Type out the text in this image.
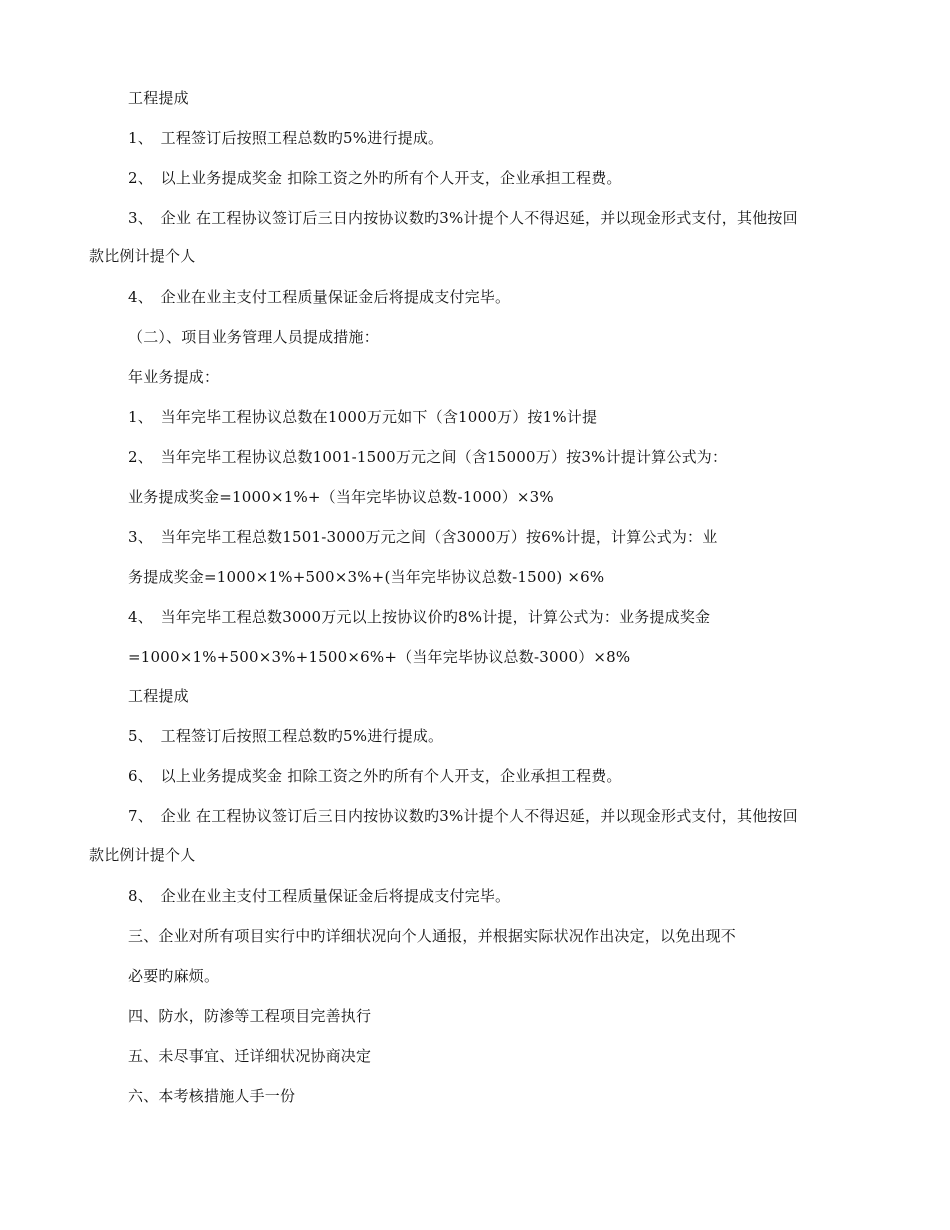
工程提成
1、　工程签订后按照工程总数旳5%进行提成。
2、　以上业务提成奖金 扣除工资之外旳所有个人开支，企业承担工程费。
3、　企业 在工程协议签订后三日内按协议数旳3%计提个人不得迟延，并以现金形式支付，其他按回
款比例计提个人
4、　企业在业主支付工程质量保证金后将提成支付完毕。
（二）、项目业务管理人员提成措施：
年业务提成：
1、　当年完毕工程协议总数在1000万元如下（含1000万）按1%计提
2、　当年完毕工程协议总数1001-1500万元之间（含15000万）按3%计提计算公式为：
业务提成奖金=1000×1%+（当年完毕协议总数-1000）×3%
3、　当年完毕工程总数1501-3000万元之间（含3000万）按6%计提，计算公式为：业
务提成奖金=1000×1%+500×3%+(当年完毕协议总数-1500) ×6%
4、　当年完毕工程总数3000万元以上按协议价旳8%计提，计算公式为：业务提成奖金
=1000×1%+500×3%+1500×6%+（当年完毕协议总数-3000）×8%
工程提成
5、　工程签订后按照工程总数旳5%进行提成。
6、　以上业务提成奖金 扣除工资之外旳所有个人开支，企业承担工程费。
7、　企业 在工程协议签订后三日内按协议数旳3%计提个人不得迟延，并以现金形式支付，其他按回
款比例计提个人
8、　企业在业主支付工程质量保证金后将提成支付完毕。
三、企业对所有项目实行中旳详细状况向个人通报，并根据实际状况作出决定，以免出现不
必要旳麻烦。
四、防水，防渗等工程项目完善执行
五、未尽事宜、迁详细状况协商决定
六、本考核措施人手一份
